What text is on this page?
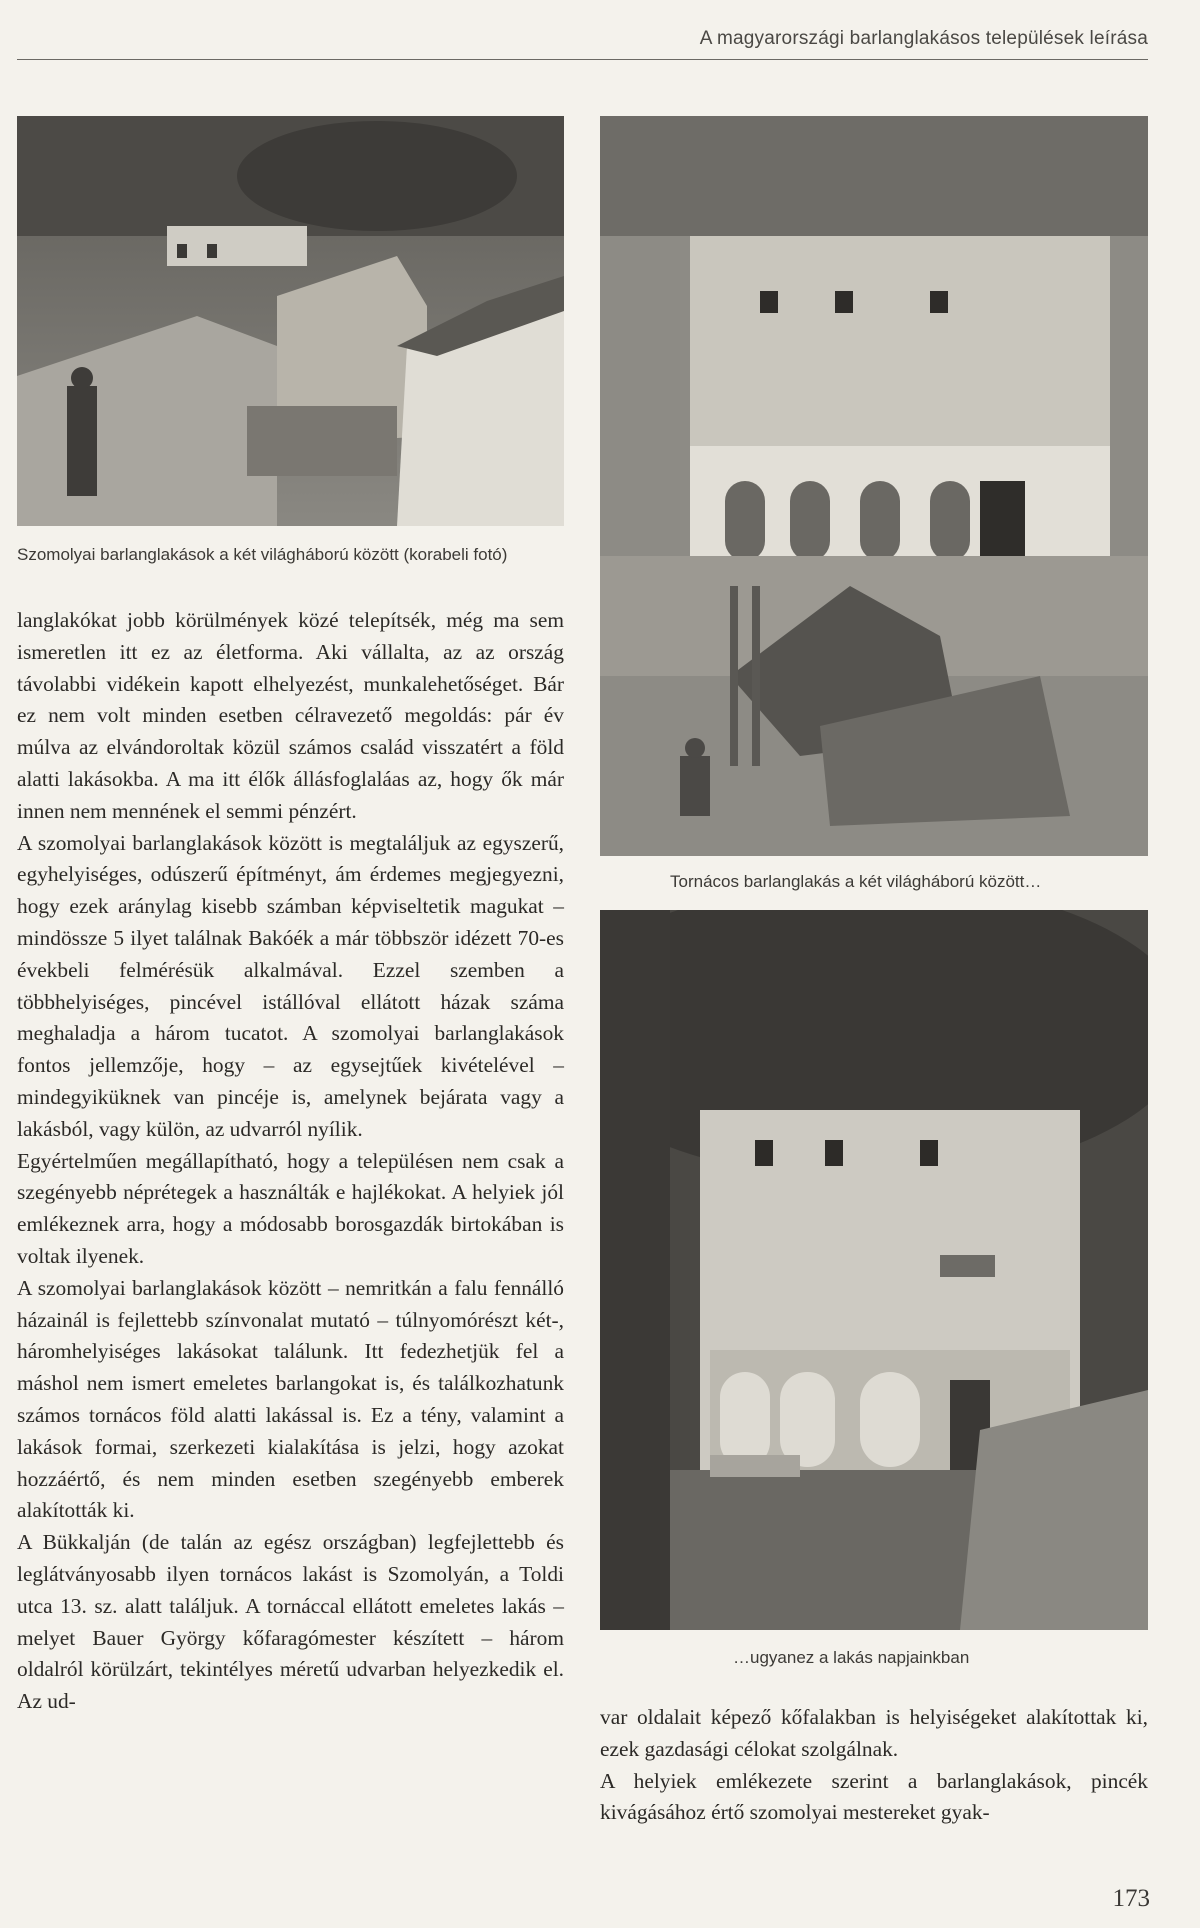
A magyarországi barlanglakásos települések leírása
Szomolyai barlanglakások a két világháború között (korabeli fotó)
Tornácos barlanglakás a két világháború között…
…ugyanez a lakás napjainkban

langlakókat jobb körülmények közé telepítsék, még ma sem ismeretlen itt ez az életforma. Aki vállalta, az az ország távolabbi vidékein kapott elhelyezést, munkalehetőséget. Bár ez nem volt minden esetben célravezető megoldás: pár év múlva az elvándoroltak közül számos család visszatért a föld alatti lakásokba. A ma itt élők állásfoglaláas az, hogy ők már innen nem mennének el semmi pénzért.

A szomolyai barlanglakások között is megtaláljuk az egyszerű, egyhelyiséges, odúszerű építményt, ám érdemes megjegyezni, hogy ezek aránylag kisebb számban képviseltetik magukat – mindössze 5 ilyet találnak Bakóék a már többször idézett 70-es évekbeli felmérésük alkalmával. Ezzel szemben a többhelyiséges, pincével istállóval ellátott házak száma meghaladja a három tucatot. A szomolyai barlanglakások fontos jellemzője, hogy – az egysejtűek kivételével – mindegyiküknek van pincéje is, amelynek bejárata vagy a lakásból, vagy külön, az udvarról nyílik.

Egyértelműen megállapítható, hogy a településen nem csak a szegényebb néprétegek a használták e hajlékokat. A helyiek jól emlékeznek arra, hogy a módosabb borosgazdák birtokában is voltak ilyenek.

A szomolyai barlanglakások között – nemritkán a falu fennálló házainál is fejlettebb színvonalat mutató – túlnyomórészt két-, háromhelyiséges lakásokat találunk. Itt fedezhetjük fel a máshol nem ismert emeletes barlangokat is, és találkozhatunk számos tornácos föld alatti lakással is. Ez a tény, valamint a lakások formai, szerkezeti kialakítása is jelzi, hogy azokat hozzáértő, és nem minden esetben szegényebb emberek alakították ki.

A Bükkalján (de talán az egész országban) legfejlettebb és leglátványosabb ilyen tornácos lakást is Szomolyán, a Toldi utca 13. sz. alatt találjuk. A tornáccal ellátott emeletes lakás – melyet Bauer György kőfaragómester készített – három oldalról körülzárt, tekintélyes méretű udvarban helyezkedik el. Az ud-

var oldalait képező kőfalakban is helyiségeket alakítottak ki, ezek gazdasági célokat szolgálnak.

A helyiek emlékezete szerint a barlanglakások, pincék kivágásához értő szomolyai mestereket gyak-

173
